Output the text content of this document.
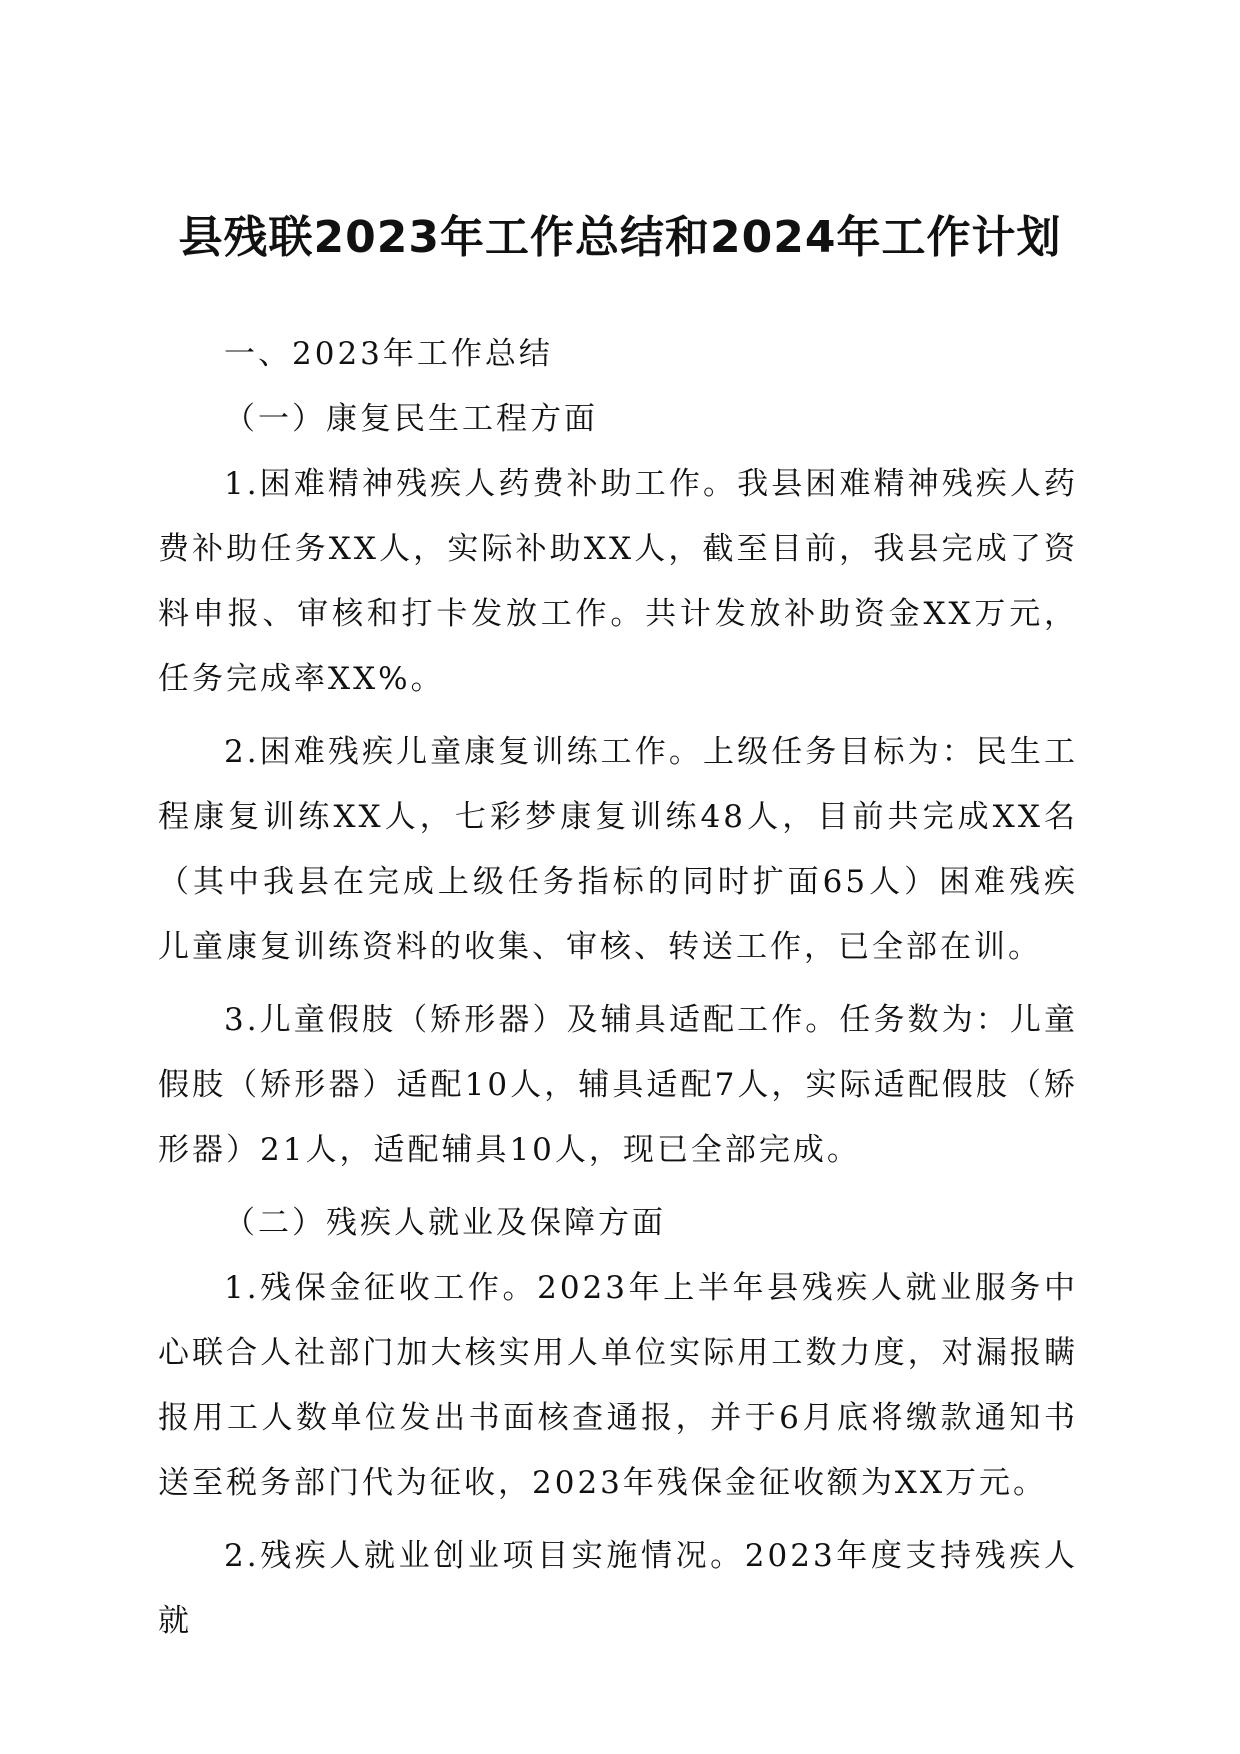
县残联2023年工作总结和2024年工作计划

一、2023年工作总结

（一）康复民生工程方面

1.困难精神残疾人药费补助工作。我县困难精神残疾人药费补助任务XX人，实际补助XX人，截至目前，我县完成了资料申报、审核和打卡发放工作。共计发放补助资金XX万元，任务完成率XX%。

2.困难残疾儿童康复训练工作。上级任务目标为：民生工程康复训练XX人，七彩梦康复训练48人，目前共完成XX名（其中我县在完成上级任务指标的同时扩面65人）困难残疾儿童康复训练资料的收集、审核、转送工作，已全部在训。

3.儿童假肢（矫形器）及辅具适配工作。任务数为：儿童假肢（矫形器）适配10人，辅具适配7人，实际适配假肢（矫形器）21人，适配辅具10人，现已全部完成。

（二）残疾人就业及保障方面

1.残保金征收工作。2023年上半年县残疾人就业服务中心联合人社部门加大核实用人单位实际用工数力度，对漏报瞒报用工人数单位发出书面核查通报，并于6月底将缴款通知书送至税务部门代为征收，2023年残保金征收额为XX万元。

2.残疾人就业创业项目实施情况。2023年度支持残疾人就
